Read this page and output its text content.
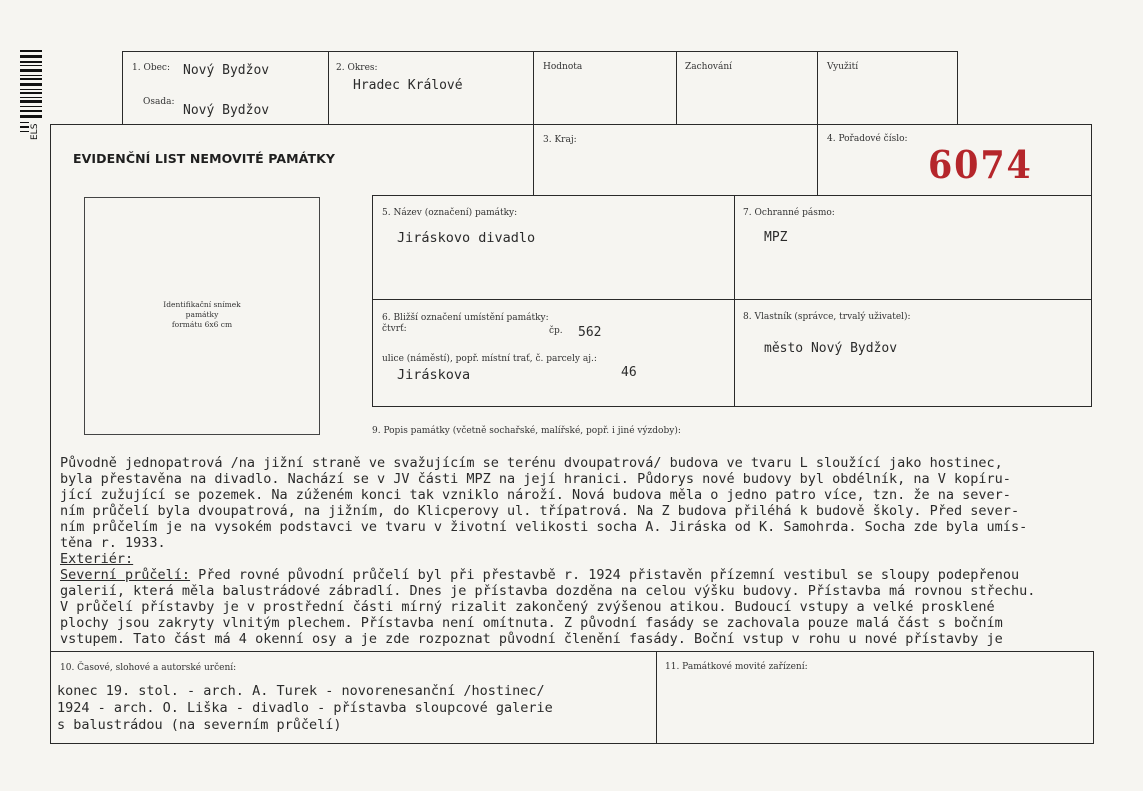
ELS
EVIDENČNÍ LIST NEMOVITÉ PAMÁTKY
1. Obec: Nový Bydžov
Osada:
Nový Bydžov
2. Okres:
Hradec Králové
Hodnota	Zachování	Využití
3. Kraj:	4. Pořadové číslo:
6074
Identifikační snímek
památky
formátu 6x6 cm
5. Název (označení) památky:
Jiráskovo divadlo
7. Ochranné pásmo:
MPZ
6. Bližší označení umístění památky:
čtvrť:	čp. 562
ulice (náměstí), popř. místní trať, č. parcely aj.:
Jiráskova	46
8. Vlastník (správce, trvalý uživatel):
město Nový Bydžov
9. Popis památky (včetně sochařské, malířské, popř. i jiné výzdoby):
Původně jednopatrová /na jižní straně ve svažujícím se terénu dvoupatrová/ budova ve tvaru L sloužící jako hostinec,
byla přestavěna na divadlo. Nachází se v JV části MPZ na její hranici. Půdorys nové budovy byl obdélník, na V kopíru-
jící zužující se pozemek. Na zúženém konci tak vzniklo nároží. Nová budova měla o jedno patro více, tzn. že na sever-
ním průčelí byla dvoupatrová, na jižním, do Klicperovy ul. třípatrová. Na Z budova přiléhá k budově školy. Před sever-
ním průčelím je na vysokém podstavci ve tvaru v životní velikosti socha A. Jiráska od K. Samohrda. Socha zde byla umís-
těna r. 1933.
Exteriér:
Severní průčelí: Před rovné původní průčelí byl při přestavbě r. 1924 přistavěn přízemní vestibul se sloupy podepřenou
galerií, která měla balustrádové zábradlí. Dnes je přístavba dozděna na celou výšku budovy. Přístavba má rovnou střechu.
V průčelí přístavby je v prostřední části mírný rizalit zakončený zvýšenou atikou. Budoucí vstupy a velké prosklené
plochy jsou zakryty vlnitým plechem. Přístavba není omítnuta. Z původní fasády se zachovala pouze malá část s bočním
vstupem. Tato část má 4 okenní osy a je zde rozpoznat původní členění fasády. Boční vstup v rohu u nové přístavby je
10. Časové, slohové a autorské určení:
konec 19. stol. - arch. A. Turek - novorenesanční /hostinec/
1924 - arch. O. Liška - divadlo - přístavba sloupcové galerie
s balustrádou (na severním průčelí)
11. Památkové movité zařízení:
